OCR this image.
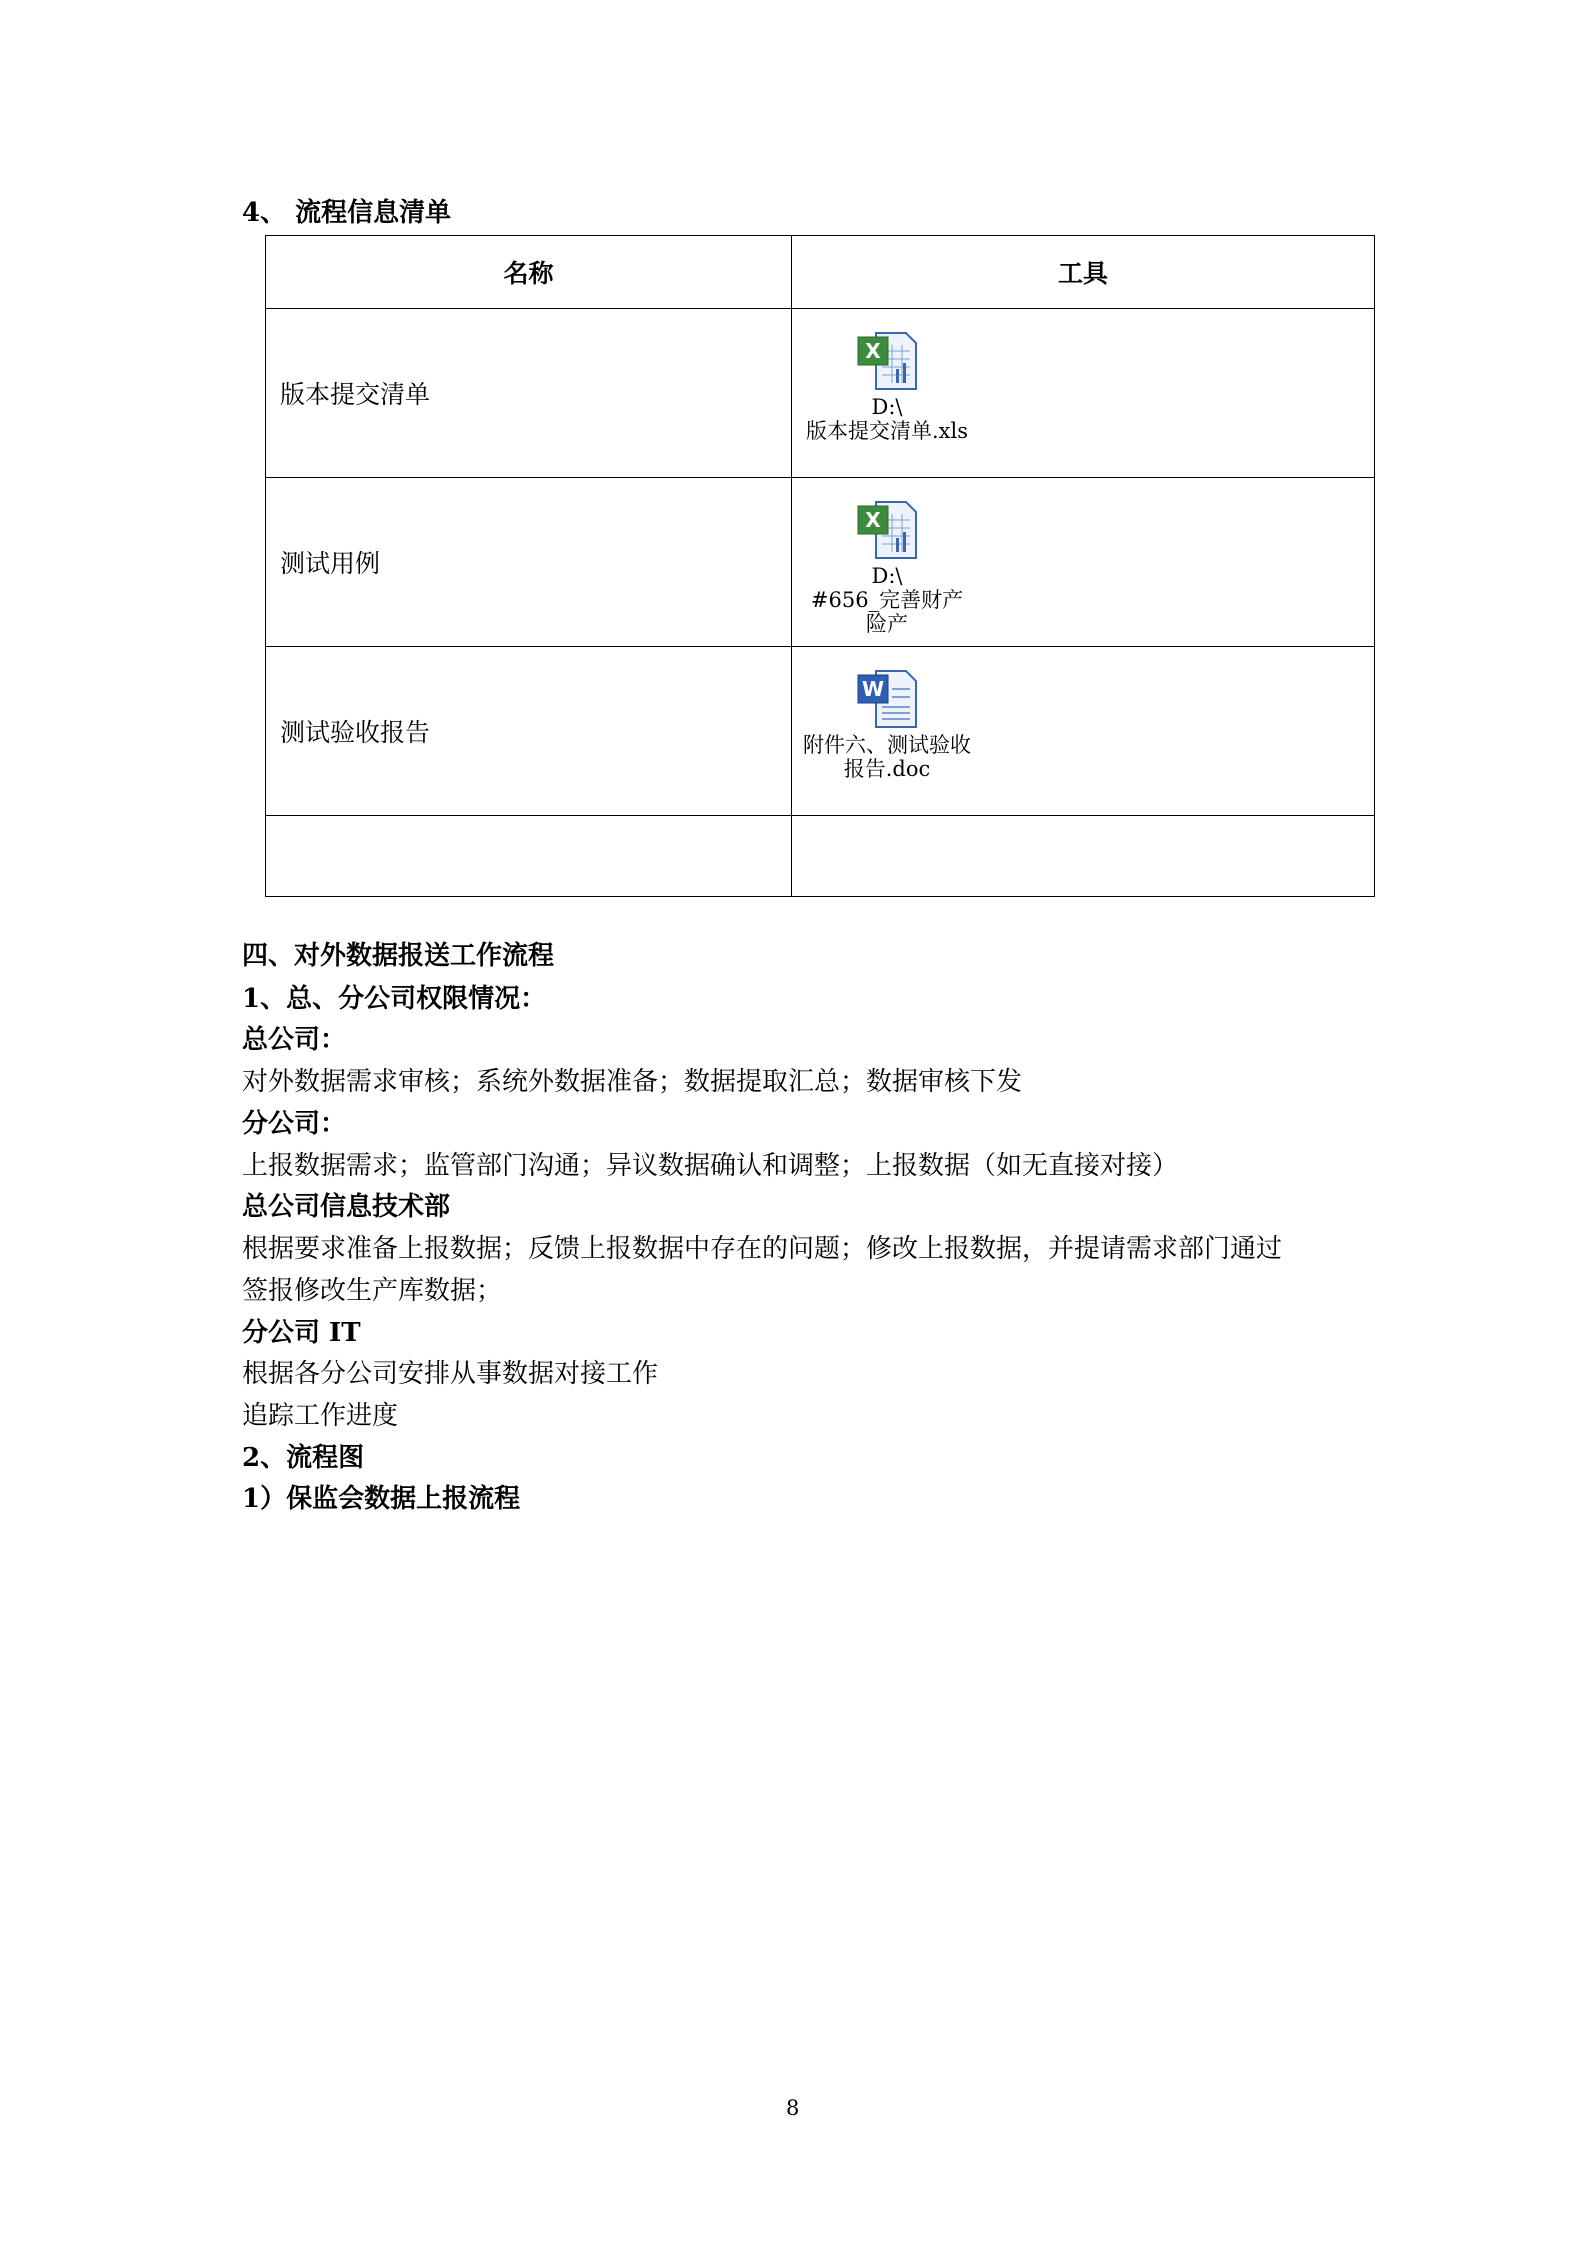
4、 流程信息清单
名称	工具
版本提交清单	X
D:\
版本提交清单.xls

测试用例	X
D:\
#656_完善财产险产

测试验收报告	W
附件六、测试验收
报告.doc

四、对外数据报送工作流程
1、总、分公司权限情况：
总公司：
对外数据需求审核；系统外数据准备；数据提取汇总；数据审核下发
分公司：
上报数据需求；监管部门沟通；异议数据确认和调整；上报数据（如无直接对接）
总公司信息技术部
根据要求准备上报数据；反馈上报数据中存在的问题；修改上报数据，并提请需求部门通过
签报修改生产库数据；
分公司 IT
根据各分公司安排从事数据对接工作
追踪工作进度
2、流程图
1）保监会数据上报流程
8
